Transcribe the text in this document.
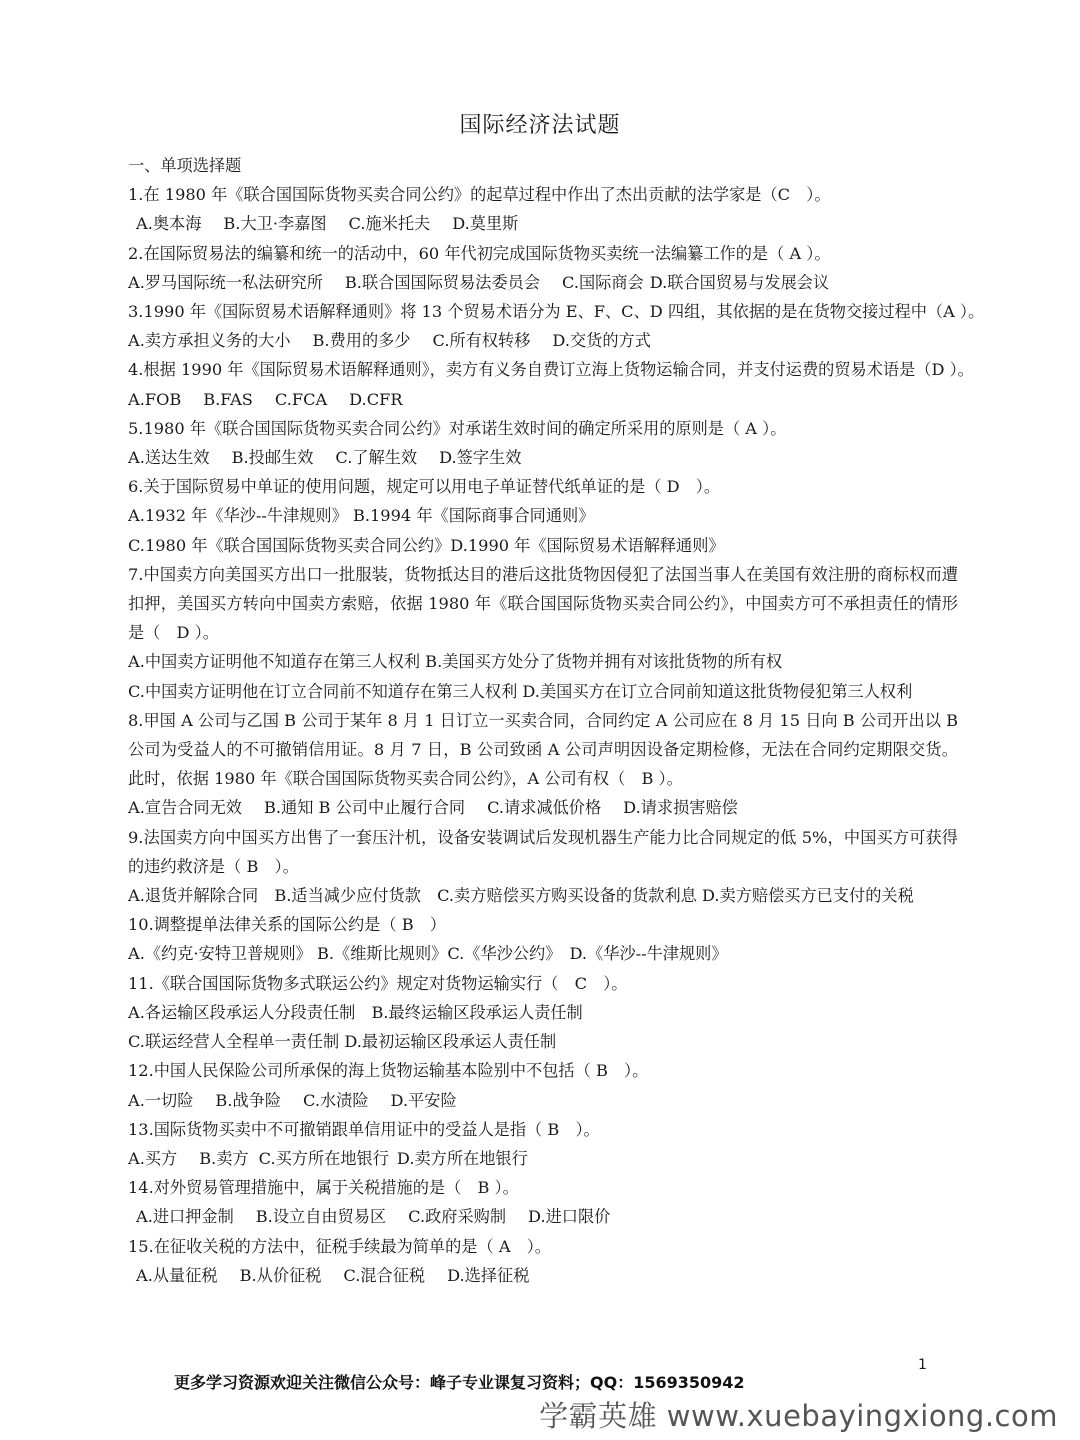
国际经济法试题
一、单项选择题
1.在 1980 年《联合国国际货物买卖合同公约》的起草过程中作出了杰出贡献的法学家是（C　）。
A.奥本海 B.大卫·李嘉图 C.施米托夫 D.莫里斯
2.在国际贸易法的编纂和统一的活动中，60 年代初完成国际货物买卖统一法编纂工作的是（ A ）。
A.罗马国际统一私法研究所 B.联合国国际贸易法委员会 C.国际商会 D.联合国贸易与发展会议
3.1990 年《国际贸易术语解释通则》将 13 个贸易术语分为 E、F、C、D 四组，其依据的是在货物交接过程中（A ）。
A.卖方承担义务的大小 B.费用的多少 C.所有权转移 D.交货的方式
4.根据 1990 年《国际贸易术语解释通则》，卖方有义务自费订立海上货物运输合同，并支付运费的贸易术语是（D ）。
A.FOB B.FAS C.FCA D.CFR
5.1980 年《联合国国际货物买卖合同公约》对承诺生效时间的确定所采用的原则是（ A ）。
A.送达生效 B.投邮生效 C.了解生效 D.签字生效
6.关于国际贸易中单证的使用问题，规定可以用电子单证替代纸单证的是（ D　）。
A.1932 年《华沙--牛津规则》 B.1994 年《国际商事合同通则》
C.1980 年《联合国国际货物买卖合同公约》D.1990 年《国际贸易术语解释通则》
7.中国卖方向美国买方出口一批服装，货物抵达目的港后这批货物因侵犯了法国当事人在美国有效注册的商标权而遭扣押，美国买方转向中国卖方索赔，依据 1980 年《联合国国际货物买卖合同公约》，中国卖方可不承担责任的情形是（　D ）。
A.中国卖方证明他不知道存在第三人权利 B.美国买方处分了货物并拥有对该批货物的所有权
C.中国卖方证明他在订立合同前不知道存在第三人权利 D.美国买方在订立合同前知道这批货物侵犯第三人权利
8.甲国 A 公司与乙国 B 公司于某年 8 月 1 日订立一买卖合同，合同约定 A 公司应在 8 月 15 日向 B 公司开出以 B 公司为受益人的不可撤销信用证。8 月 7 日，B 公司致函 A 公司声明因设备定期检修，无法在合同约定期限交货。此时，依据 1980 年《联合国国际货物买卖合同公约》，A 公司有权（　B ）。
A.宣告合同无效 B.通知 B 公司中止履行合同 C.请求减低价格 D.请求损害赔偿
9.法国卖方向中国买方出售了一套压汁机，设备安装调试后发现机器生产能力比合同规定的低 5%，中国买方可获得的违约救济是（ B　）。
A.退货并解除合同　B.适当减少应付货款　C.卖方赔偿买方购买设备的货款利息 D.卖方赔偿买方已支付的关税
10.调整提单法律关系的国际公约是（ B　）
A.《约克·安特卫普规则》 B.《维斯比规则》C.《华沙公约》　D.《华沙--牛津规则》
11.《联合国国际货物多式联运公约》规定对货物运输实行（　C　）。
A.各运输区段承运人分段责任制　B.最终运输区段承运人责任制
C.联运经营人全程单一责任制 D.最初运输区段承运人责任制
12.中国人民保险公司所承保的海上货物运输基本险别中不包括（ B　）。
A.一切险 B.战争险 C.水渍险 D.平安险
13.国际货物买卖中不可撤销跟单信用证中的受益人是指（ B　）。
A.买方 B.卖方 C.买方所在地银行 D.卖方所在地银行
14.对外贸易管理措施中，属于关税措施的是（　B ）。
A.进口押金制 B.设立自由贸易区 C.政府采购制 D.进口限价
15.在征收关税的方法中，征税手续最为简单的是（ A　）。
A.从量征税 B.从价征税 C.混合征税 D.选择征税
1
更多学习资源欢迎关注微信公众号：峰子专业课复习资料；QQ：1569350942
学霸英雄 www.xuebayingxiong.com
